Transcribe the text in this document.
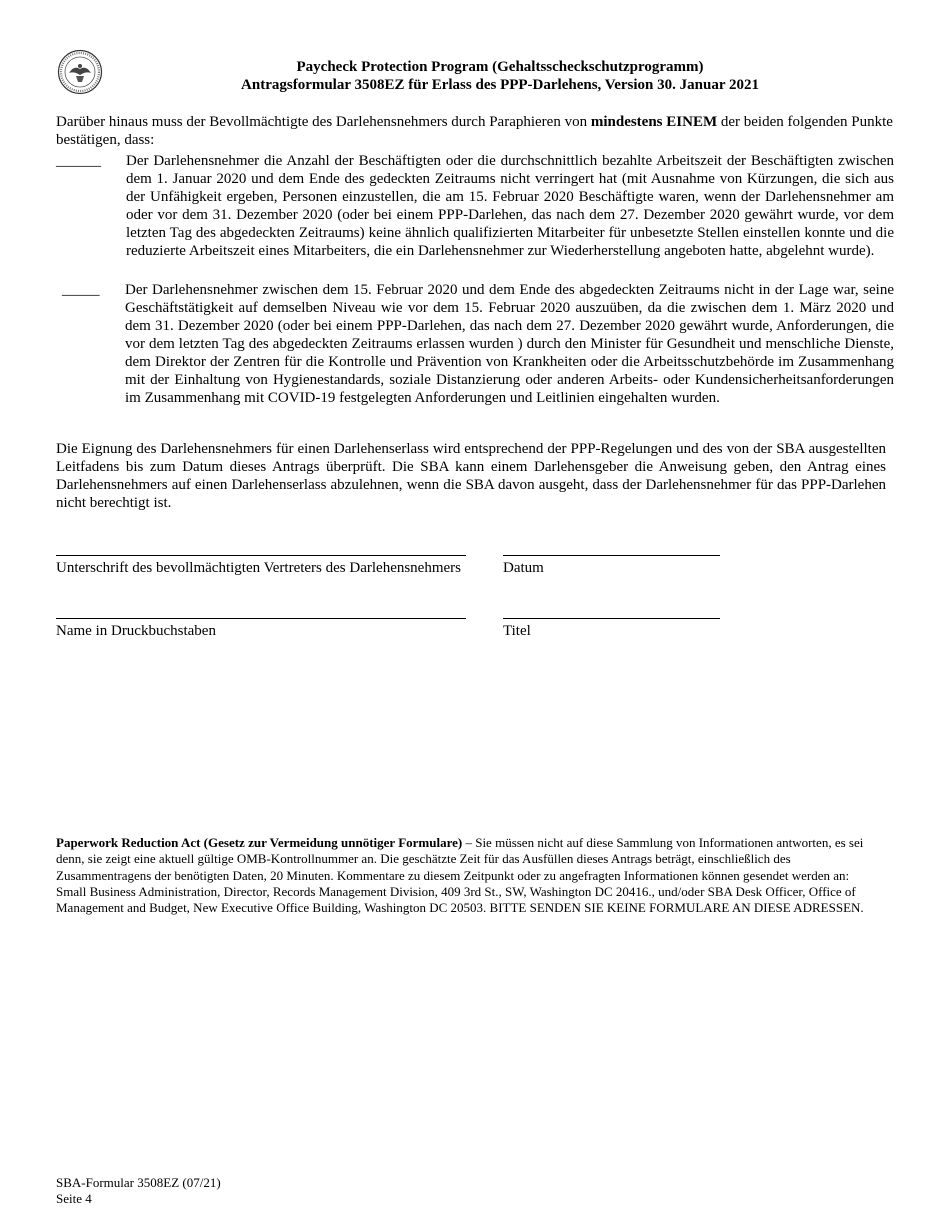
Paycheck Protection Program (Gehaltsscheckschutzprogramm)
Antragsformular 3508EZ für Erlass des PPP-Darlehens, Version 30. Januar 2021
Darüber hinaus muss der Bevollmächtigte des Darlehensnehmers durch Paraphieren von mindestens EINEM der beiden folgenden Punkte bestätigen, dass:
______ Der Darlehensnehmer die Anzahl der Beschäftigten oder die durchschnittlich bezahlte Arbeitszeit der Beschäftigten zwischen dem 1. Januar 2020 und dem Ende des gedeckten Zeitraums nicht verringert hat (mit Ausnahme von Kürzungen, die sich aus der Unfähigkeit ergeben, Personen einzustellen, die am 15. Februar 2020 Beschäftigte waren, wenn der Darlehensnehmer am oder vor dem 31. Dezember 2020 (oder bei einem PPP-Darlehen, das nach dem 27. Dezember 2020 gewährt wurde, vor dem letzten Tag des abgedeckten Zeitraums) keine ähnlich qualifizierten Mitarbeiter für unbesetzte Stellen einstellen konnte und die reduzierte Arbeitszeit eines Mitarbeiters, die ein Darlehensnehmer zur Wiederherstellung angeboten hatte, abgelehnt wurde).
_____ Der Darlehensnehmer zwischen dem 15. Februar 2020 und dem Ende des abgedeckten Zeitraums nicht in der Lage war, seine Geschäftstätigkeit auf demselben Niveau wie vor dem 15. Februar 2020 auszuüben, da die zwischen dem 1. März 2020 und dem 31. Dezember 2020 (oder bei einem PPP-Darlehen, das nach dem 27. Dezember 2020 gewährt wurde, Anforderungen, die vor dem letzten Tag des abgedeckten Zeitraums erlassen wurden ) durch den Minister für Gesundheit und menschliche Dienste, dem Direktor der Zentren für die Kontrolle und Prävention von Krankheiten oder die Arbeitsschutzbehörde im Zusammenhang mit der Einhaltung von Hygienestandards, soziale Distanzierung oder anderen Arbeits- oder Kundensicherheitsanforderungen im Zusammenhang mit COVID-19 festgelegten Anforderungen und Leitlinien eingehalten wurden.
Die Eignung des Darlehensnehmers für einen Darlehenserlass wird entsprechend der PPP-Regelungen und des von der SBA ausgestellten Leitfadens bis zum Datum dieses Antrags überprüft. Die SBA kann einem Darlehensgeber die Anweisung geben, den Antrag eines Darlehensnehmers auf einen Darlehenserlass abzulehnen, wenn die SBA davon ausgeht, dass der Darlehensnehmer für das PPP-Darlehen nicht berechtigt ist.
Unterschrift des bevollmächtigten Vertreters des Darlehensnehmers	Datum
Name in Druckbuchstaben	Titel
Paperwork Reduction Act (Gesetz zur Vermeidung unnötiger Formulare) – Sie müssen nicht auf diese Sammlung von Informationen antworten, es sei denn, sie zeigt eine aktuell gültige OMB-Kontrollnummer an. Die geschätzte Zeit für das Ausfüllen dieses Antrags beträgt, einschließlich des Zusammentragens der benötigten Daten, 20 Minuten. Kommentare zu diesem Zeitpunkt oder zu angefragten Informationen können gesendet werden an: Small Business Administration, Director, Records Management Division, 409 3rd St., SW, Washington DC 20416., und/oder SBA Desk Officer, Office of Management and Budget, New Executive Office Building, Washington DC 20503. BITTE SENDEN SIE KEINE FORMULARE AN DIESE ADRESSEN.
SBA-Formular 3508EZ (07/21)
Seite 4
